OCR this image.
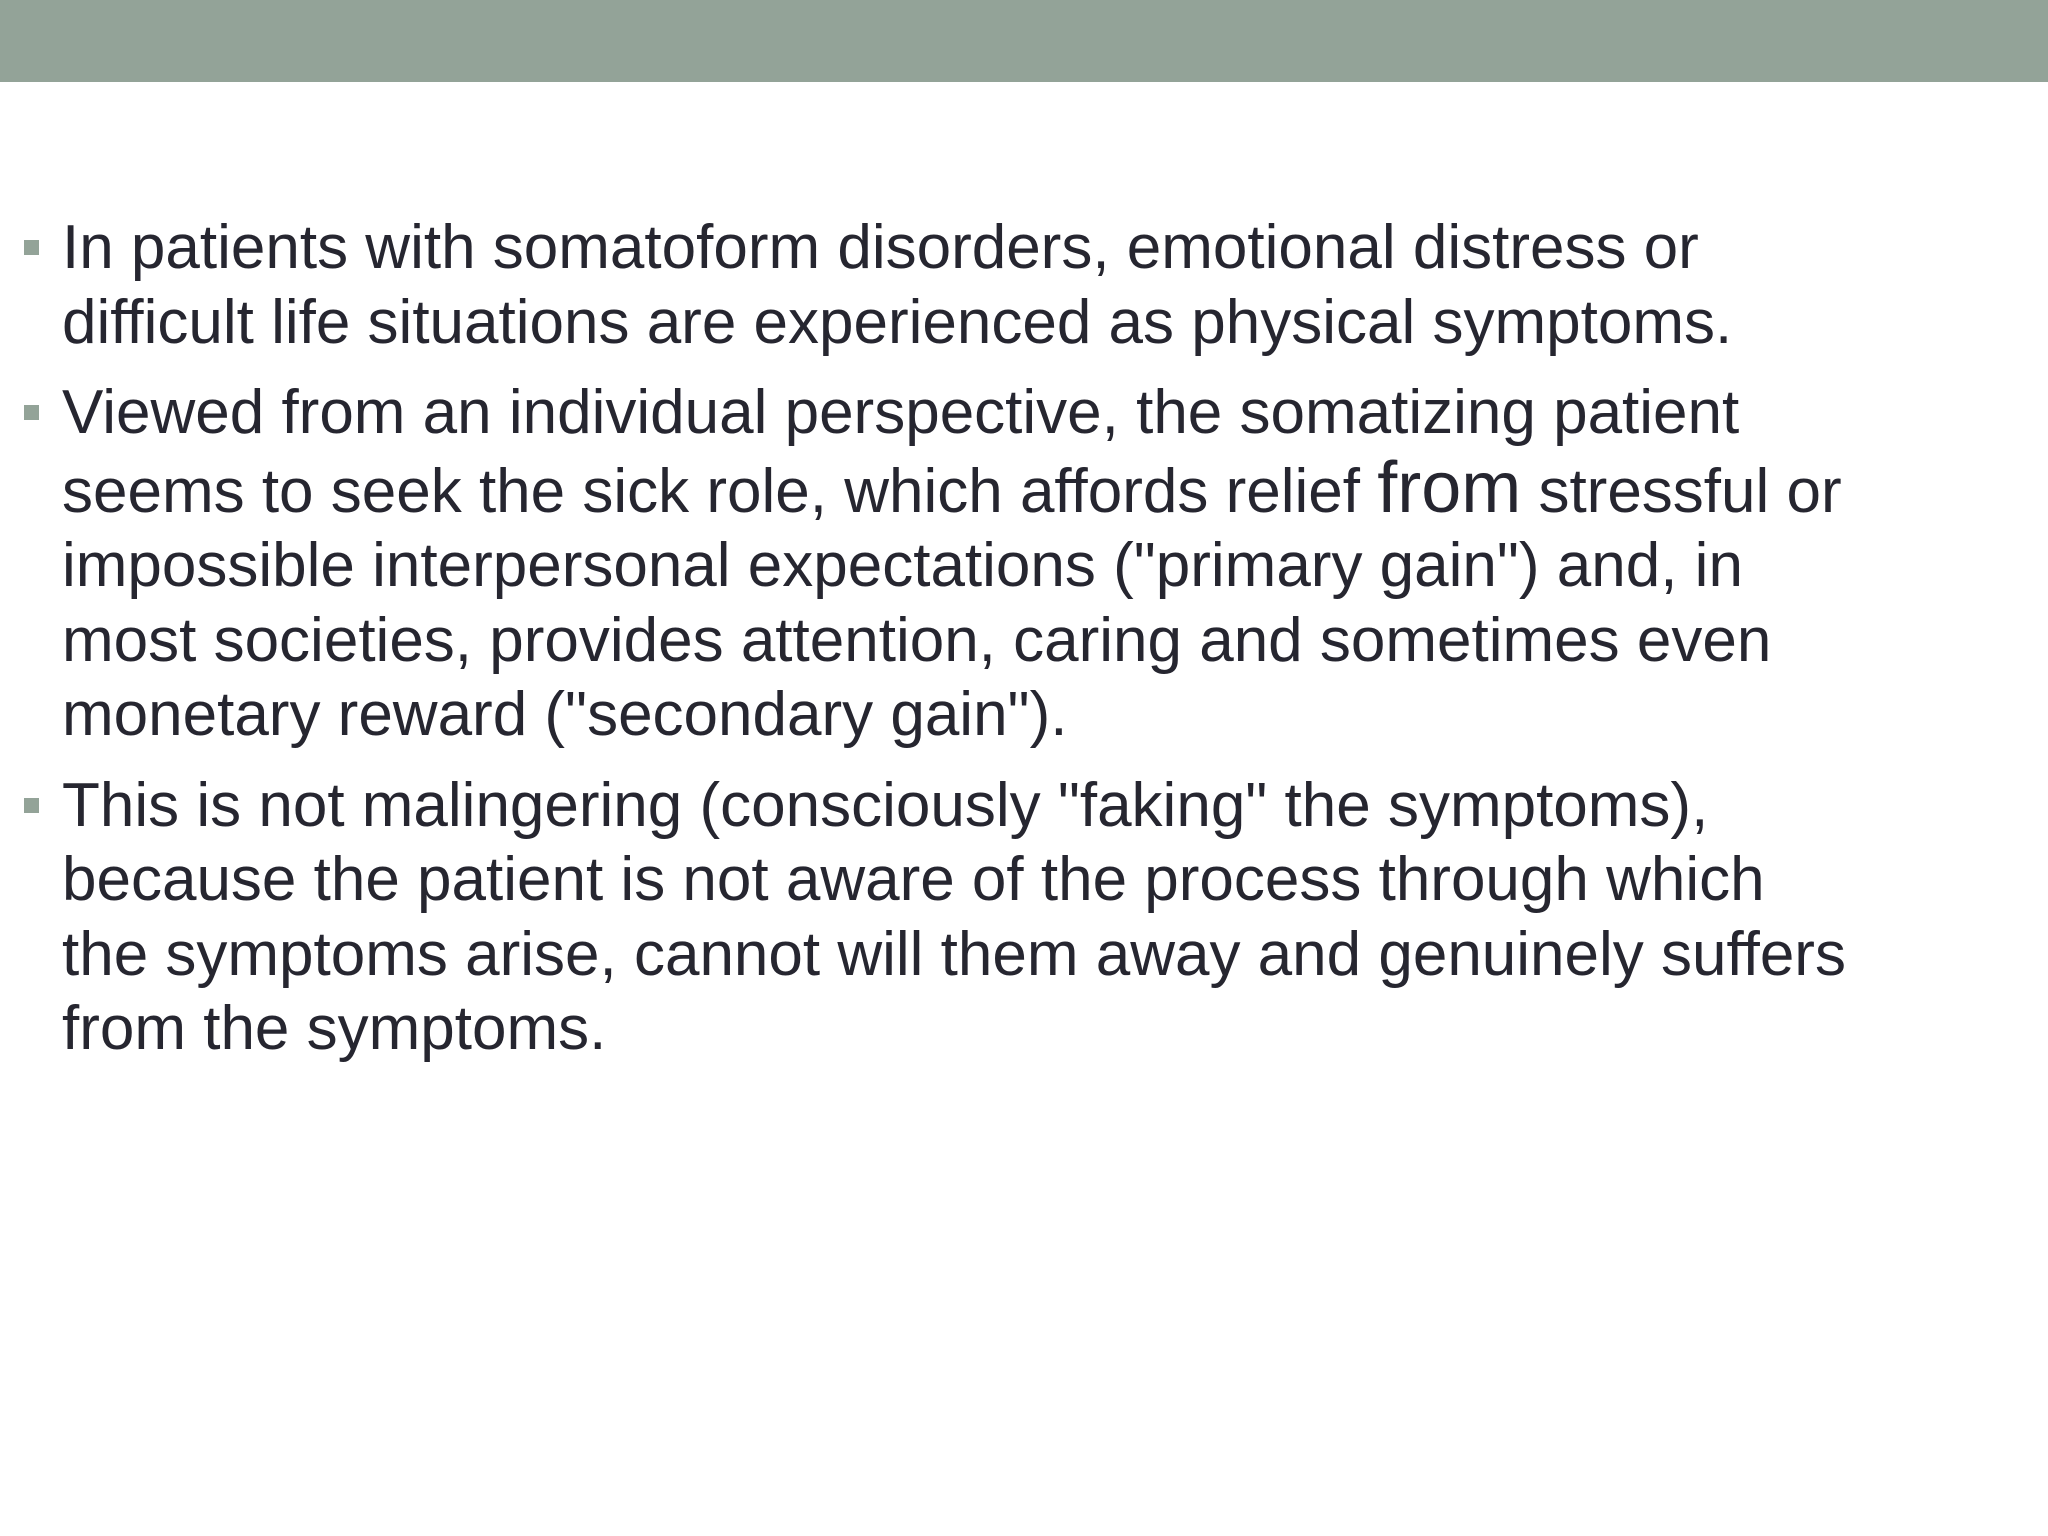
In patients with somatoform disorders, emotional distress or difficult life situations are experienced as physical symptoms.
Viewed from an individual perspective, the somatizing patient seems to seek the sick role, which affords relief from stressful or impossible interpersonal expectations ("primary gain") and, in most societies, provides attention, caring and sometimes even monetary reward ("secondary gain").
This is not malingering (consciously "faking" the symptoms), because the patient is not aware of the process through which the symptoms arise, cannot will them away and genuinely suffers from the symptoms.
